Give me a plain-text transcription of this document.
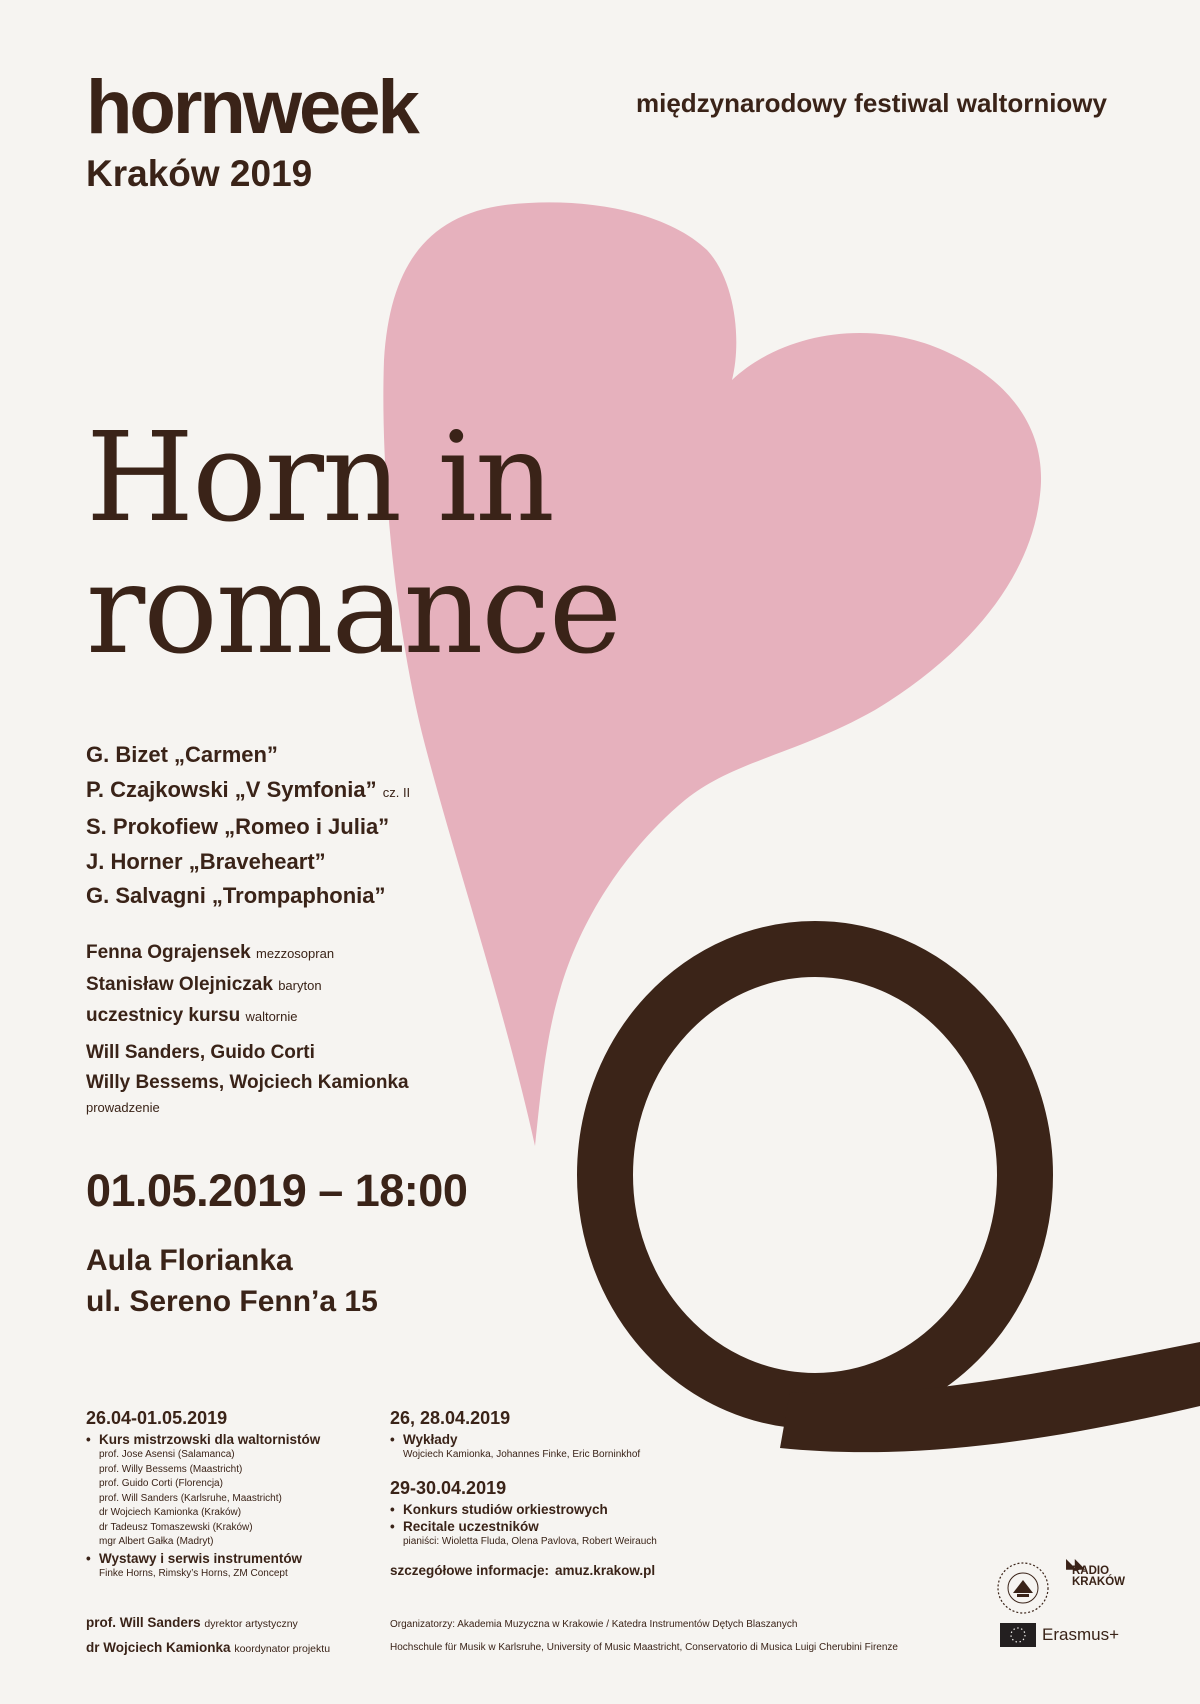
hornweek
Kraków 2019
międzynarodowy festiwal waltorniowy
Horn in
romance
G. Bizet „Carmen”
P. Czajkowski „V Symfonia” cz. II
S. Prokofiew „Romeo i Julia”
J. Horner „Braveheart”
G. Salvagni „Trompaphonia”
Fenna Ograjensek mezzosopran
Stanisław Olejniczak baryton
uczestnicy kursu waltornie
Will Sanders, Guido Corti
Willy Bessems, Wojciech Kamionka
prowadzenie
01.05.2019 – 18:00
Aula Florianka
ul. Sereno Fenn’a 15
26.04-01.05.2019
• Kurs mistrzowski dla waltornistów
prof. Jose Asensi (Salamanca)
prof. Willy Bessems (Maastricht)
prof. Guido Corti (Florencja)
prof. Will Sanders (Karlsruhe, Maastricht)
dr Wojciech Kamionka (Kraków)
dr Tadeusz Tomaszewski (Kraków)
mgr Albert Gałka (Madryt)
• Wystawy i serwis instrumentów
Finke Horns, Rimsky’s Horns, ZM Concept
26, 28.04.2019
• Wykłady
Wojciech Kamionka, Johannes Finke, Eric Borninkhof
29-30.04.2019
• Konkurs studiów orkiestrowych
• Recitale uczestników
pianiści: Wioletta Fluda, Olena Pavlova, Robert Weirauch
szczegółowe informacje: amuz.krakow.pl
prof. Will Sanders dyrektor artystyczny
dr Wojciech Kamionka koordynator projektu
Organizatorzy: Akademia Muzyczna w Krakowie / Katedra Instrumentów Dętych Blaszanych
Hochschule für Musik w Karlsruhe, University of Music Maastricht, Conservatorio di Musica Luigi Cherubini Firenze
◣◣
RADIO
KRAKÓW
Erasmus+
